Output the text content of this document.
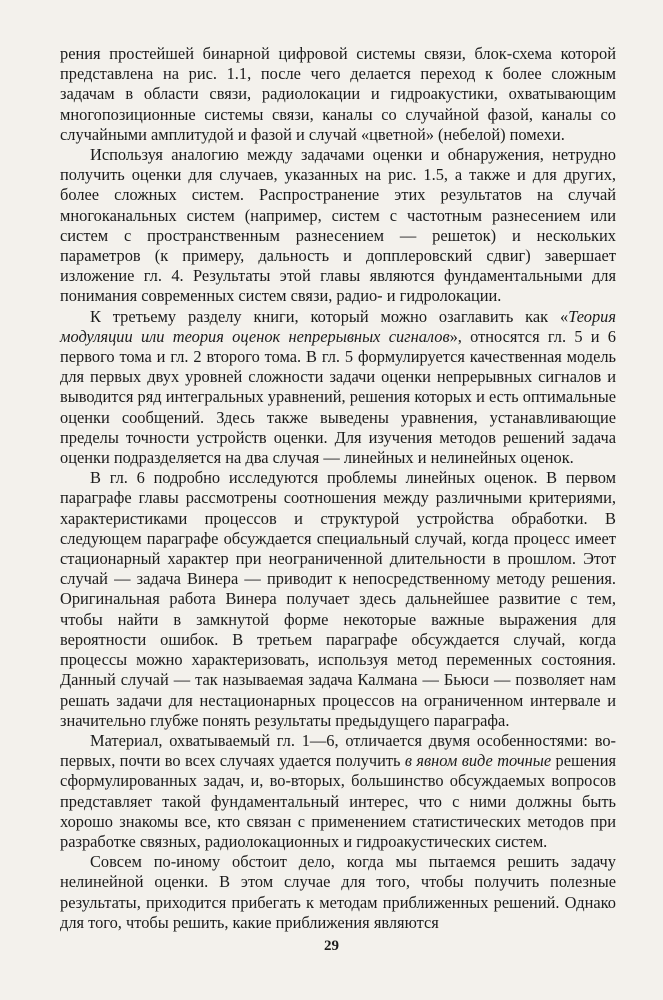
рения простейшей бинарной цифровой системы связи, блок-схема которой представлена на рис. 1.1, после чего делается переход к более сложным задачам в области связи, радиолокации и гидроакустики, охватывающим многопозиционные системы связи, каналы со случайной фазой, каналы со случайными амплитудой и фазой и случай «цветной» (небелой) помехи.

Используя аналогию между задачами оценки и обнаружения, нетрудно получить оценки для случаев, указанных на рис. 1.5, а также и для других, более сложных систем. Распространение этих результатов на случай многоканальных систем (например, систем с частотным разнесением или систем с пространственным разнесением — решеток) и нескольких параметров (к примеру, дальность и допплеровский сдвиг) завершает изложение гл. 4. Результаты этой главы являются фундаментальными для понимания современных систем связи, радио- и гидролокации.

К третьему разделу книги, который можно озаглавить как «Теория модуляции или теория оценок непрерывных сигналов», относятся гл. 5 и 6 первого тома и гл. 2 второго тома. В гл. 5 формулируется качественная модель для первых двух уровней сложности задачи оценки непрерывных сигналов и выводится ряд интегральных уравнений, решения которых и есть оптимальные оценки сообщений. Здесь также выведены уравнения, устанавливающие пределы точности устройств оценки. Для изучения методов решений задача оценки подразделяется на два случая — линейных и нелинейных оценок.

В гл. 6 подробно исследуются проблемы линейных оценок. В первом параграфе главы рассмотрены соотношения между различными критериями, характеристиками процессов и структурой устройства обработки. В следующем параграфе обсуждается специальный случай, когда процесс имеет стационарный характер при неограниченной длительности в прошлом. Этот случай — задача Винера — приводит к непосредственному методу решения. Оригинальная работа Винера получает здесь дальнейшее развитие с тем, чтобы найти в замкнутой форме некоторые важные выражения для вероятности ошибок. В третьем параграфе обсуждается случай, когда процессы можно характеризовать, используя метод переменных состояния. Данный случай — так называемая задача Калмана — Бьюси — позволяет нам решать задачи для нестационарных процессов на ограниченном интервале и значительно глубже понять результаты предыдущего параграфа.

Материал, охватываемый гл. 1—6, отличается двумя особенностями: во-первых, почти во всех случаях удается получить в явном виде точные решения сформулированных задач, и, во-вторых, большинство обсуждаемых вопросов представляет такой фундаментальный интерес, что с ними должны быть хорошо знакомы все, кто связан с применением статистических методов при разработке связных, радиолокационных и гидроакустических систем.

Совсем по-иному обстоит дело, когда мы пытаемся решить задачу нелинейной оценки. В этом случае для того, чтобы получить полезные результаты, приходится прибегать к методам приближенных решений. Однако для того, чтобы решить, какие приближения являются

29
